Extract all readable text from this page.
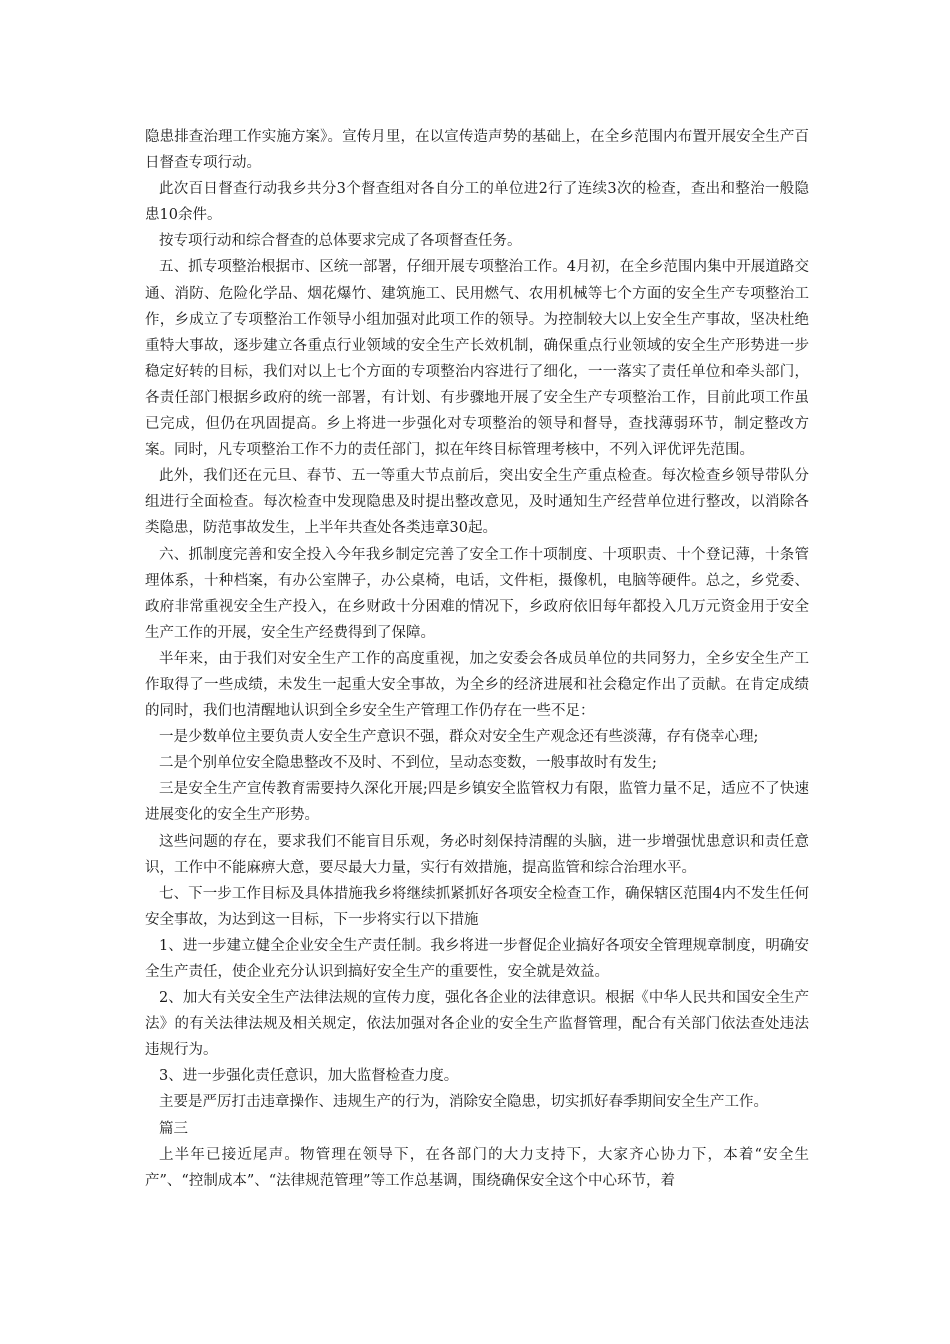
隐患排查治理工作实施方案》。宣传月里，在以宣传造声势的基础上，在全乡范围内布置开展安全生产百日督查专项行动。

此次百日督查行动我乡共分3个督查组对各自分工的单位进2行了连续3次的检查，查出和整治一般隐患10余件。

按专项行动和综合督查的总体要求完成了各项督查任务。

五、抓专项整治根据市、区统一部署，仔细开展专项整治工作。4月初，在全乡范围内集中开展道路交通、消防、危险化学品、烟花爆竹、建筑施工、民用燃气、农用机械等七个方面的安全生产专项整治工作，乡成立了专项整治工作领导小组加强对此项工作的领导。为控制较大以上安全生产事故，坚决杜绝重特大事故，逐步建立各重点行业领域的安全生产长效机制，确保重点行业领域的安全生产形势进一步稳定好转的目标，我们对以上七个方面的专项整治内容进行了细化，一一落实了责任单位和牵头部门，各责任部门根据乡政府的统一部署，有计划、有步骤地开展了安全生产专项整治工作，目前此项工作虽已完成，但仍在巩固提高。乡上将进一步强化对专项整治的领导和督导，查找薄弱环节，制定整改方案。同时，凡专项整治工作不力的责任部门，拟在年终目标管理考核中，不列入评优评先范围。

此外，我们还在元旦、春节、五一等重大节点前后，突出安全生产重点检查。每次检查乡领导带队分组进行全面检查。每次检查中发现隐患及时提出整改意见，及时通知生产经营单位进行整改，以消除各类隐患，防范事故发生，上半年共查处各类违章30起。

六、抓制度完善和安全投入今年我乡制定完善了安全工作十项制度、十项职责、十个登记薄，十条管理体系，十种档案，有办公室牌子，办公桌椅，电话，文件柜，摄像机，电脑等硬件。总之，乡党委、政府非常重视安全生产投入，在乡财政十分困难的情况下，乡政府依旧每年都投入几万元资金用于安全生产工作的开展，安全生产经费得到了保障。

半年来，由于我们对安全生产工作的高度重视，加之安委会各成员单位的共同努力，全乡安全生产工作取得了一些成绩，未发生一起重大安全事故，为全乡的经济进展和社会稳定作出了贡献。在肯定成绩的同时，我们也清醒地认识到全乡安全生产管理工作仍存在一些不足：

一是少数单位主要负责人安全生产意识不强，群众对安全生产观念还有些淡薄，存有侥幸心理;

二是个别单位安全隐患整改不及时、不到位，呈动态变数，一般事故时有发生;

三是安全生产宣传教育需要持久深化开展;四是乡镇安全监管权力有限，监管力量不足，适应不了快速进展变化的安全生产形势。

这些问题的存在，要求我们不能盲目乐观，务必时刻保持清醒的头脑，进一步增强忧患意识和责任意识，工作中不能麻痹大意，要尽最大力量，实行有效措施，提高监管和综合治理水平。

七、下一步工作目标及具体措施我乡将继续抓紧抓好各项安全检查工作，确保辖区范围4内不发生任何安全事故，为达到这一目标，下一步将实行以下措施

1、进一步建立健全企业安全生产责任制。我乡将进一步督促企业搞好各项安全管理规章制度，明确安全生产责任，使企业充分认识到搞好安全生产的重要性，安全就是效益。

2、加大有关安全生产法律法规的宣传力度，强化各企业的法律意识。根据《中华人民共和国安全生产法》的有关法律法规及相关规定，依法加强对各企业的安全生产监督管理，配合有关部门依法查处违法违规行为。

3、进一步强化责任意识，加大监督检查力度。

主要是严厉打击违章操作、违规生产的行为，消除安全隐患，切实抓好春季期间安全生产工作。

篇三

上半年已接近尾声。物管理在领导下，在各部门的大力支持下，大家齐心协力下，本着“安全生产”、“控制成本”、“法律规范管理”等工作总基调，围绕确保安全这个中心环节，着
